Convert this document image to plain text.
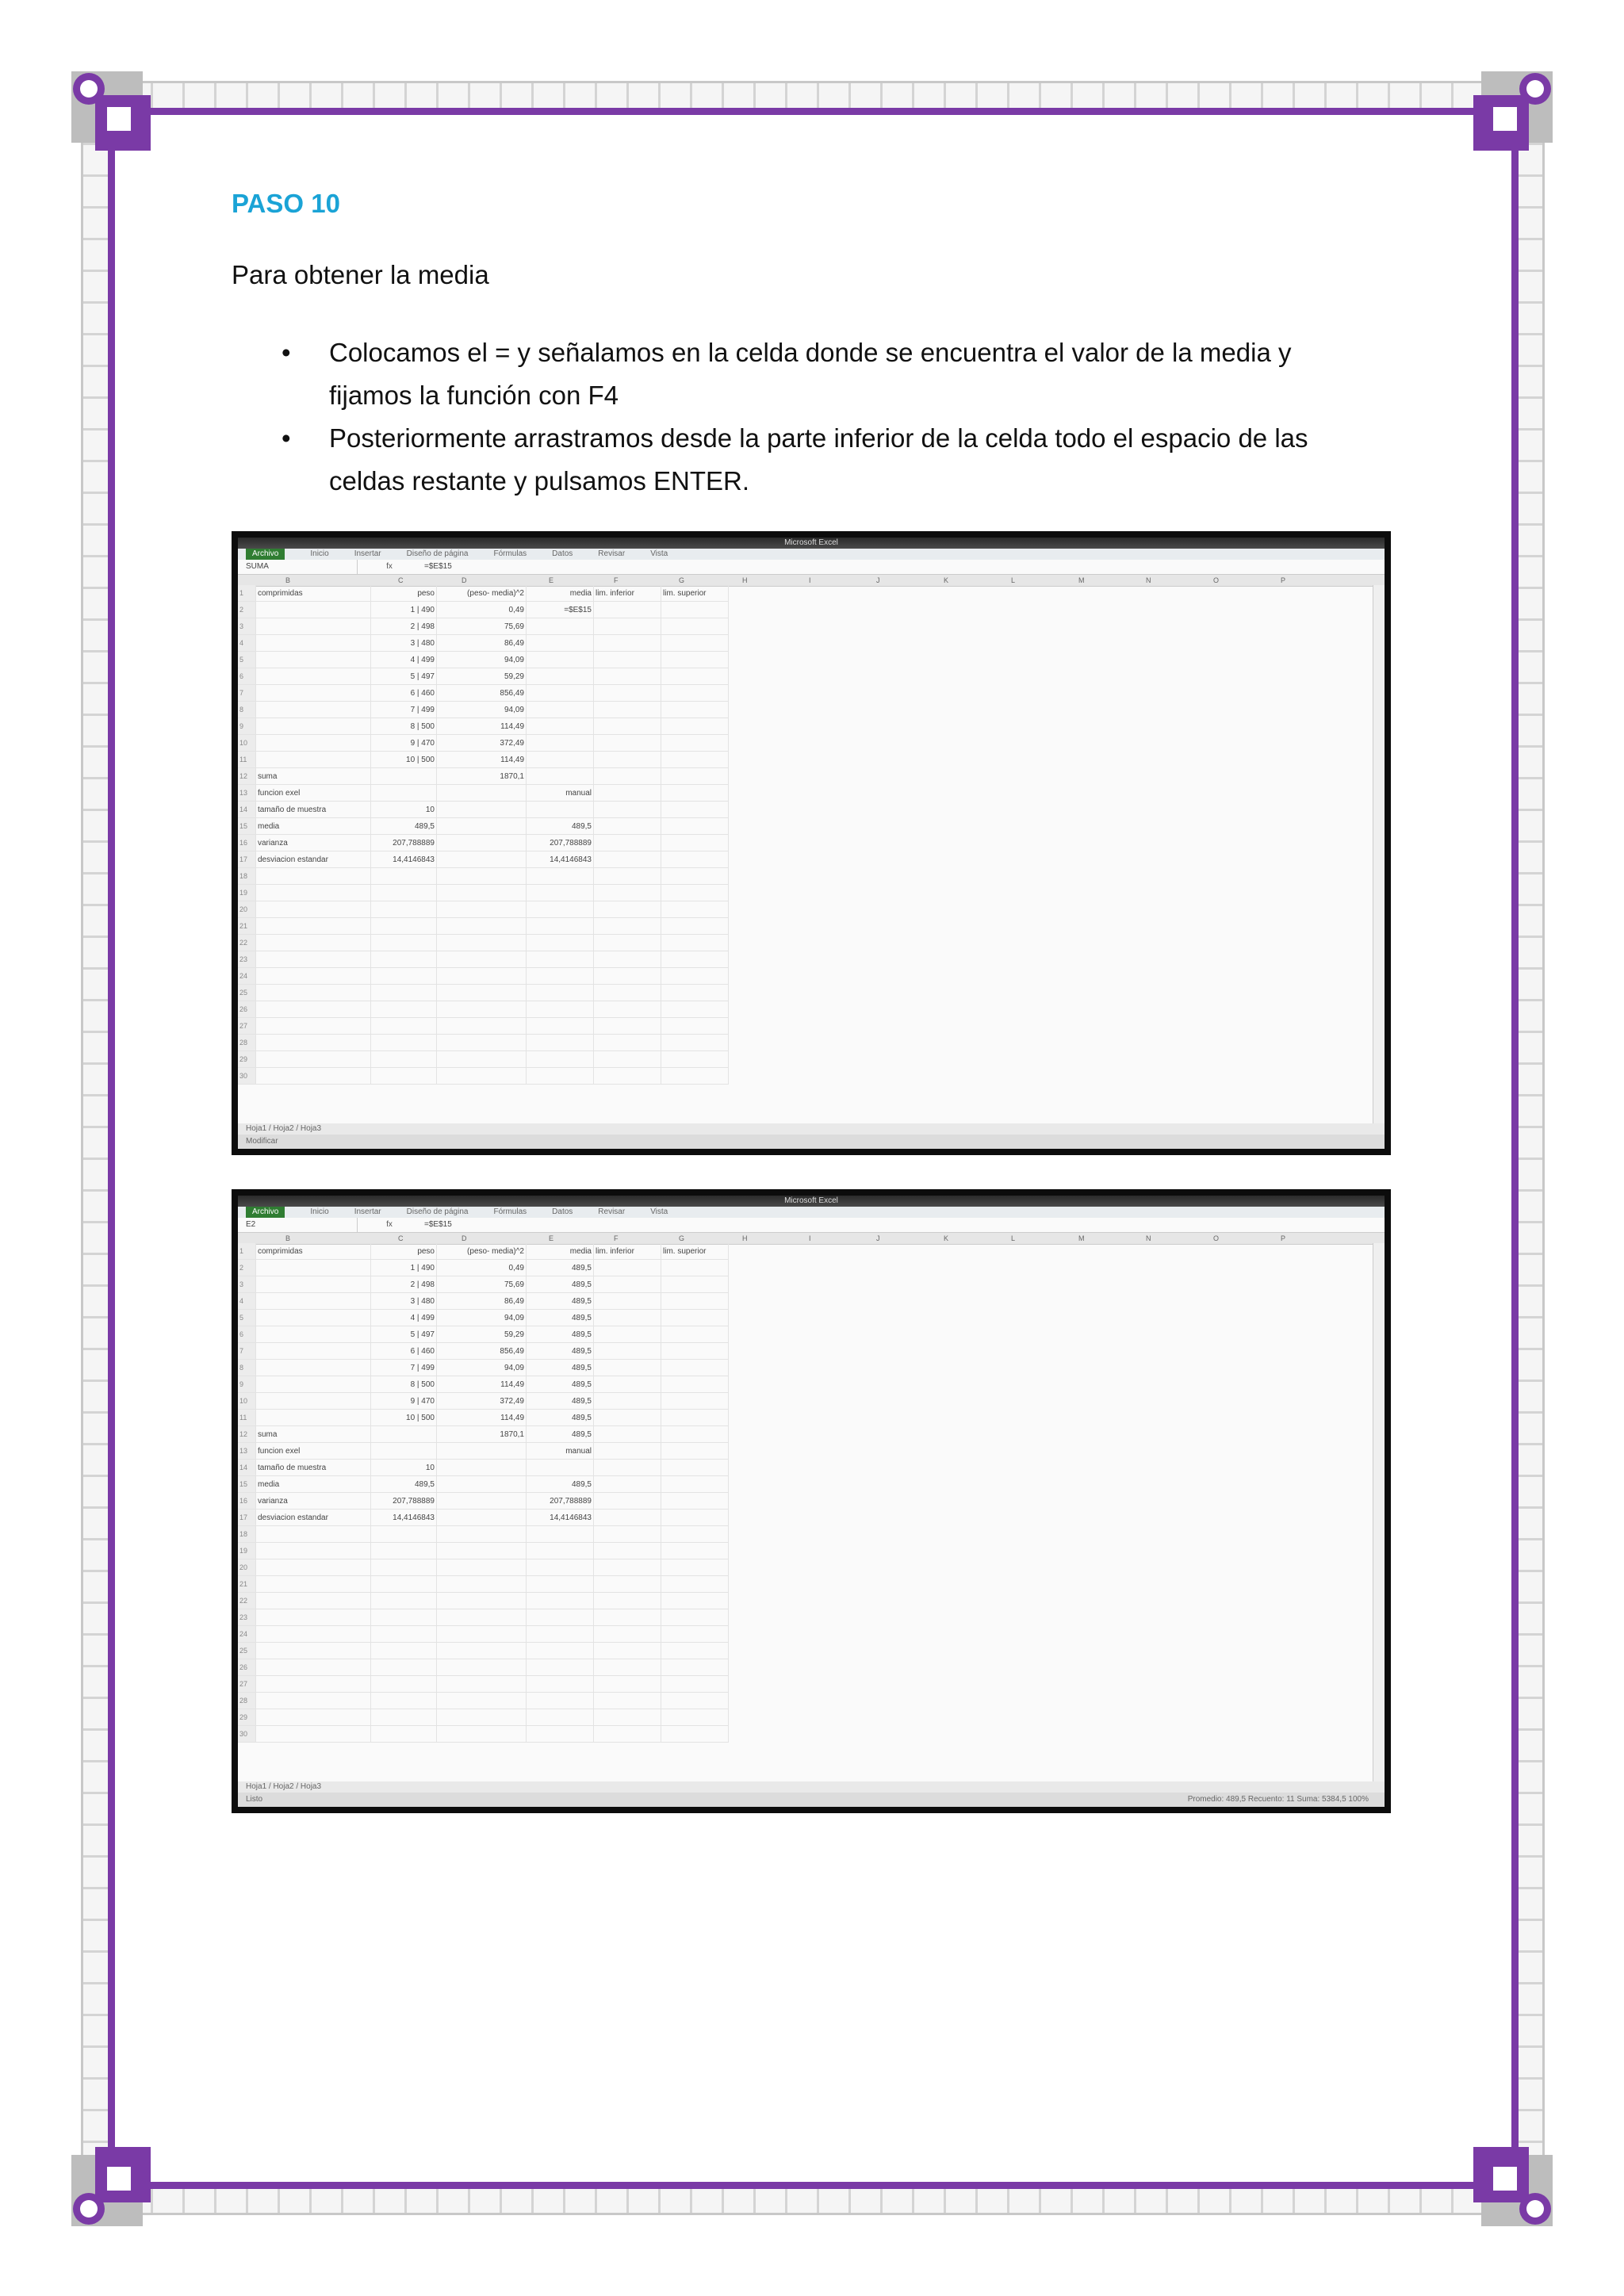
PASO 10
Para obtener la media
• Colocamos el = y señalamos en la celda donde se encuentra el valor de la media y fijamos la función con F4
• Posteriormente arrastramos desde la parte inferior de la celda todo el espacio de las celdas restante y pulsamos ENTER.
Microsoft Excel
Archivo	Inicio	Insertar	Diseño de página	Fórmulas	Datos	Revisar	Vista
SUMA	fx	=$E$15
B	C	D	E	F	G	H	I	J	K	L	M	N	O	P
1	comprimidas	peso	(peso- media)^2	media	lim. inferior	lim. superior
2		1 | 490	0,49	=$E$15		
3		2 | 498	75,69			
4		3 | 480	86,49			
5		4 | 499	94,09			
6		5 | 497	59,29			
7		6 | 460	856,49			
8		7 | 499	94,09			
9		8 | 500	114,49			
10		9 | 470	372,49			
11		10 | 500	114,49			
12	suma		1870,1			
13	funcion exel			manual		
14	tamaño de muestra	10				
15	media	489,5		489,5		
16	varianza	207,788889		207,788889		
17	desviacion estandar	14,4146843		14,4146843		
18						
19						
20						
21						
22						
23						
24						
25						
26						
27						
28						
29						
30						
Hoja1 / Hoja2 / Hoja3
Modificar
Microsoft Excel
Archivo	Inicio	Insertar	Diseño de página	Fórmulas	Datos	Revisar	Vista
E2	fx	=$E$15
B	C	D	E	F	G	H	I	J	K	L	M	N	O	P
1	comprimidas	peso	(peso- media)^2	media	lim. inferior	lim. superior
2		1 | 490	0,49	489,5		
3		2 | 498	75,69	489,5		
4		3 | 480	86,49	489,5		
5		4 | 499	94,09	489,5		
6		5 | 497	59,29	489,5		
7		6 | 460	856,49	489,5		
8		7 | 499	94,09	489,5		
9		8 | 500	114,49	489,5		
10		9 | 470	372,49	489,5		
11		10 | 500	114,49	489,5		
12	suma		1870,1	489,5		
13	funcion exel			manual		
14	tamaño de muestra	10				
15	media	489,5		489,5		
16	varianza	207,788889		207,788889		
17	desviacion estandar	14,4146843		14,4146843		
18						
19						
20						
21						
22						
23						
24						
25						
26						
27						
28						
29						
30						
Hoja1 / Hoja2 / Hoja3
Listo	Promedio: 489,5 Recuento: 11 Suma: 5384,5 100%
